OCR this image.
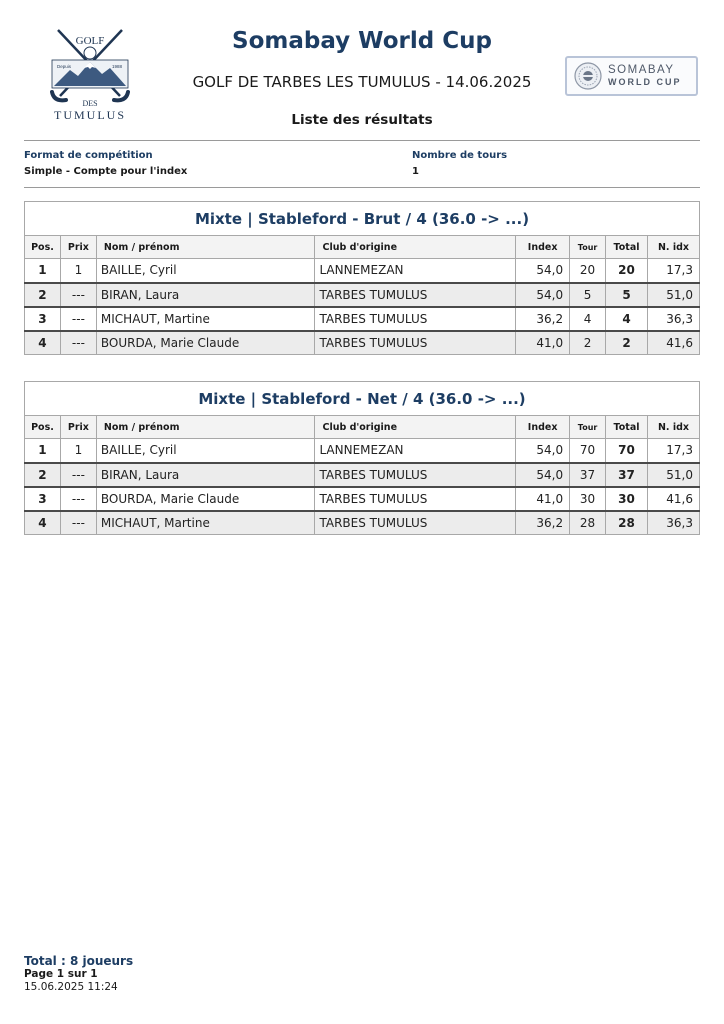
GOLF
Depuis	1988
DES
TUMULUS
Somabay World Cup
GOLF DE TARBES LES TUMULUS - 14.06.2025
SOMABAY
WORLD CUP
Liste des résultats
Format de compétition
Simple - Compte pour l'index
Nombre de tours
1
Mixte | Stableford - Brut / 4 (36.0 -> ...)							
Pos.	Prix	Nom / prénom	Club d'origine	Index	Tour	Total	N. idx
1	1	BAILLE, Cyril	LANNEMEZAN	54,0	20	20	17,3
2	---	BIRAN, Laura	TARBES TUMULUS	54,0	5	5	51,0
3	---	MICHAUT, Martine	TARBES TUMULUS	36,2	4	4	36,3
4	---	BOURDA, Marie Claude	TARBES TUMULUS	41,0	2	2	41,6
Mixte | Stableford - Net / 4 (36.0 -> ...)							
Pos.	Prix	Nom / prénom	Club d'origine	Index	Tour	Total	N. idx
1	1	BAILLE, Cyril	LANNEMEZAN	54,0	70	70	17,3
2	---	BIRAN, Laura	TARBES TUMULUS	54,0	37	37	51,0
3	---	BOURDA, Marie Claude	TARBES TUMULUS	41,0	30	30	41,6
4	---	MICHAUT, Martine	TARBES TUMULUS	36,2	28	28	36,3
Total : 8 joueurs
Page 1 sur 1
15.06.2025 11:24
